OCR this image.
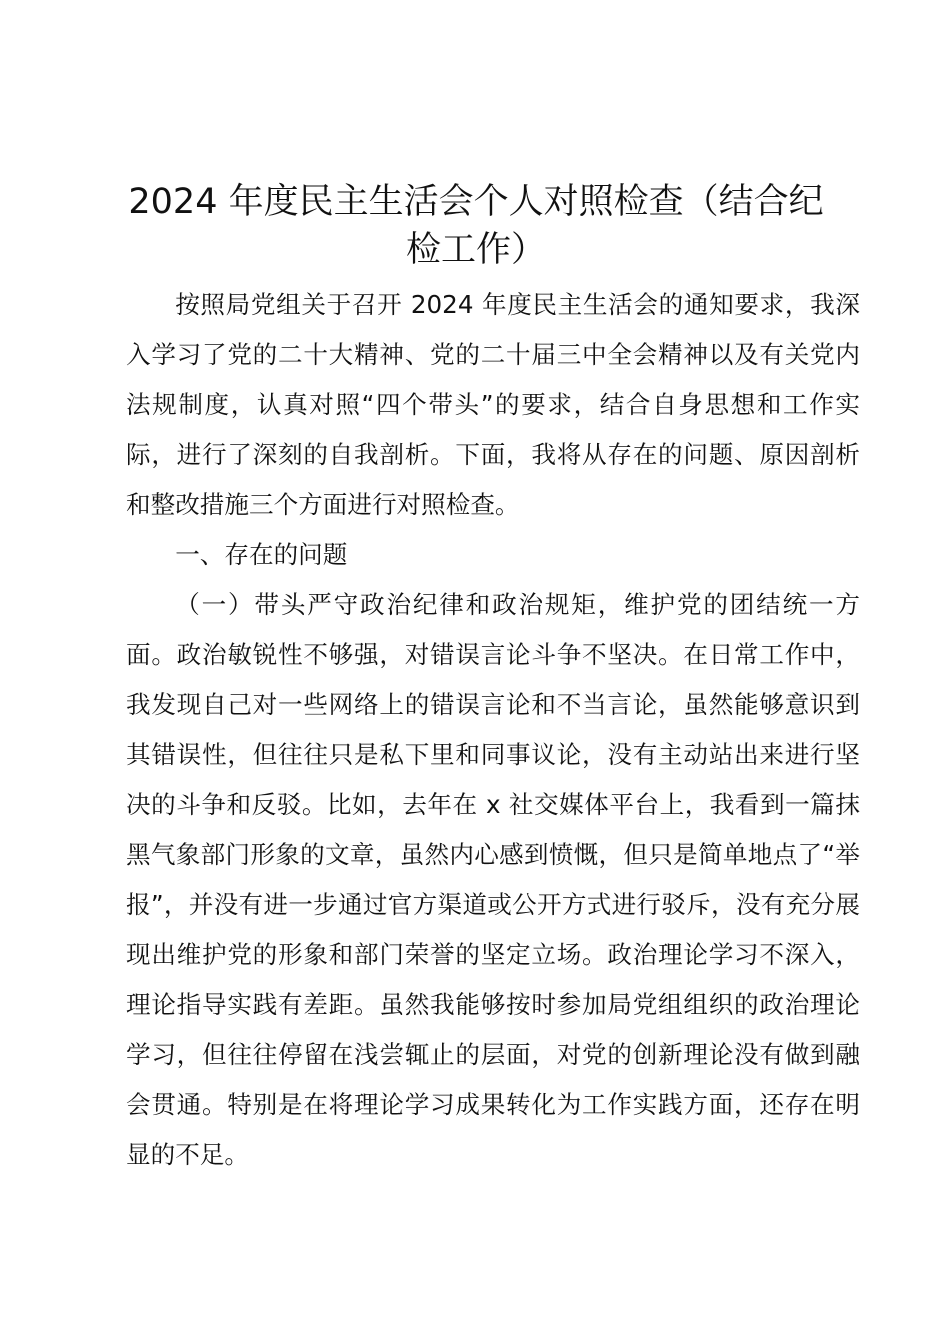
2024 年度民主生活会个人对照检查（结合纪检工作）

按照局党组关于召开 2024 年度民主生活会的通知要求，我深入学习了党的二十大精神、党的二十届三中全会精神以及有关党内法规制度，认真对照“四个带头”的要求，结合自身思想和工作实际，进行了深刻的自我剖析。下面，我将从存在的问题、原因剖析和整改措施三个方面进行对照检查。

一、存在的问题

（一）带头严守政治纪律和政治规矩，维护党的团结统一方面。政治敏锐性不够强，对错误言论斗争不坚决。在日常工作中，我发现自己对一些网络上的错误言论和不当言论，虽然能够意识到其错误性，但往往只是私下里和同事议论，没有主动站出来进行坚决的斗争和反驳。比如，去年在 x 社交媒体平台上，我看到一篇抹黑气象部门形象的文章，虽然内心感到愤慨，但只是简单地点了“举报”，并没有进一步通过官方渠道或公开方式进行驳斥，没有充分展现出维护党的形象和部门荣誉的坚定立场。政治理论学习不深入，理论指导实践有差距。虽然我能够按时参加局党组组织的政治理论学习，但往往停留在浅尝辄止的层面，对党的创新理论没有做到融会贯通。特别是在将理论学习成果转化为工作实践方面，还存在明显的不足。
